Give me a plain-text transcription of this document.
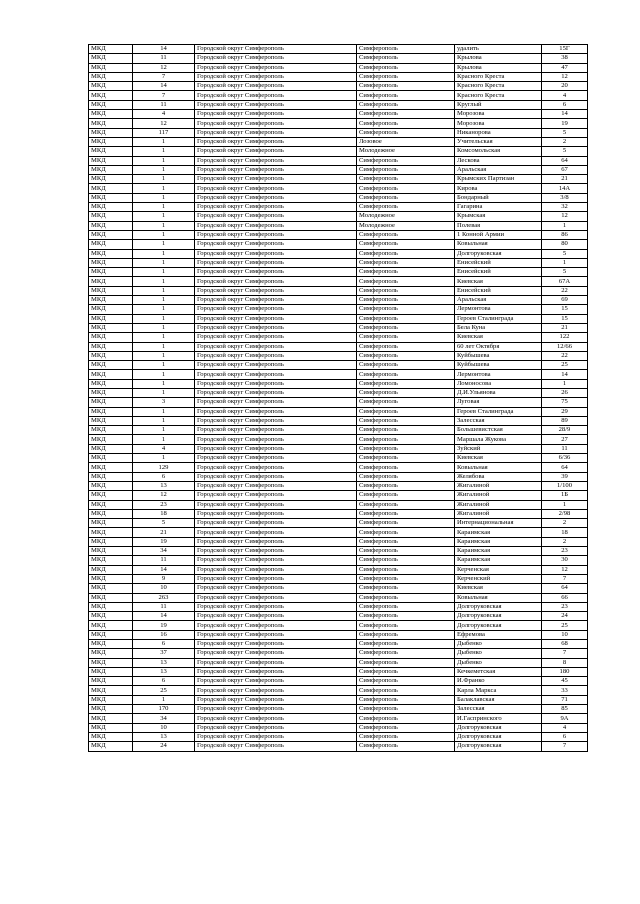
МКД	14	Городской округ Симферополь	Симферополь	удалить	15Г
МКД	11	Городской округ Симферополь	Симферополь	Крылова	38
МКД	12	Городской округ Симферополь	Симферополь	Крылова	47
МКД	7	Городской округ Симферополь	Симферополь	Красного Креста	12
МКД	14	Городской округ Симферополь	Симферополь	Красного Креста	20
МКД	7	Городской округ Симферополь	Симферополь	Красного Креста	4
МКД	11	Городской округ Симферополь	Симферополь	Круглый	6
МКД	4	Городской округ Симферополь	Симферополь	Морозова	14
МКД	12	Городской округ Симферополь	Симферополь	Морозова	19
МКД	117	Городской округ Симферополь	Симферополь	Никанорова	5
МКД	1	Городской округ Симферополь	Лозовое	Учительская	2
МКД	1	Городской округ Симферополь	Молодежное	Комсомольская	5
МКД	1	Городской округ Симферополь	Симферополь	Лескова	64
МКД	1	Городской округ Симферополь	Симферополь	Аральская	67
МКД	1	Городской округ Симферополь	Симферополь	Крымских Партизан	21
МКД	1	Городской округ Симферополь	Симферополь	Кирова	14А
МКД	1	Городской округ Симферополь	Симферополь	Бондарный	3/8
МКД	1	Городской округ Симферополь	Симферополь	Гагарина	32
МКД	1	Городской округ Симферополь	Молодежное	Крымская	12
МКД	1	Городской округ Симферополь	Молодежное	Полевая	1
МКД	1	Городской округ Симферополь	Симферополь	1 Конной Армии	86
МКД	1	Городской округ Симферополь	Симферополь	Ковыльная	80
МКД	1	Городской округ Симферополь	Симферополь	Долгоруковская	5
МКД	1	Городской округ Симферополь	Симферополь	Енисейский	1
МКД	1	Городской округ Симферополь	Симферополь	Енисейский	5
МКД	1	Городской округ Симферополь	Симферополь	Киевская	67А
МКД	1	Городской округ Симферополь	Симферополь	Енисейский	22
МКД	1	Городской округ Симферополь	Симферополь	Аральская	69
МКД	1	Городской округ Симферополь	Симферополь	Лермонтова	15
МКД	1	Городской округ Симферополь	Симферополь	Героев Сталинграда	15
МКД	1	Городской округ Симферополь	Симферополь	Бела Куна	21
МКД	1	Городской округ Симферополь	Симферополь	Киевская	122
МКД	1	Городской округ Симферополь	Симферополь	60 лет Октября	12/66
МКД	1	Городской округ Симферополь	Симферополь	Куйбышева	22
МКД	1	Городской округ Симферополь	Симферополь	Куйбышева	25
МКД	1	Городской округ Симферополь	Симферополь	Лермонтова	14
МКД	1	Городской округ Симферополь	Симферополь	Ломоносова	1
МКД	1	Городской округ Симферополь	Симферополь	Д.И.Ульянова	26
МКД	3	Городской округ Симферополь	Симферополь	Луговая	75
МКД	1	Городской округ Симферополь	Симферополь	Героев Сталинграда	29
МКД	1	Городской округ Симферополь	Симферополь	Залесская	89
МКД	1	Городской округ Симферополь	Симферополь	Большевистская	28/9
МКД	1	Городской округ Симферополь	Симферополь	Маршала Жукова	27
МКД	4	Городской округ Симферополь	Симферополь	Зуйский	11
МКД	1	Городской округ Симферополь	Симферополь	Киевская	6/36
МКД	129	Городской округ Симферополь	Симферополь	Ковыльная	64
МКД	6	Городской округ Симферополь	Симферополь	Желябова	39
МКД	13	Городской округ Симферополь	Симферополь	Жигалиной	1/100
МКД	12	Городской округ Симферополь	Симферополь	Жигалиной	1Б
МКД	23	Городской округ Симферополь	Симферополь	Жигалиной	1
МКД	18	Городской округ Симферополь	Симферополь	Жигалиной	2/98
МКД	5	Городской округ Симферополь	Симферополь	Интернациональная	2
МКД	21	Городской округ Симферополь	Симферополь	Караимская	18
МКД	19	Городской округ Симферополь	Симферополь	Караимская	2
МКД	34	Городской округ Симферополь	Симферополь	Караимская	23
МКД	11	Городской округ Симферополь	Симферополь	Караимская	30
МКД	14	Городской округ Симферополь	Симферополь	Керченская	12
МКД	9	Городской округ Симферополь	Симферополь	Керченский	7
МКД	10	Городской округ Симферополь	Симферополь	Киевская	64
МКД	263	Городской округ Симферополь	Симферополь	Ковыльная	66
МКД	11	Городской округ Симферополь	Симферополь	Долгоруковская	23
МКД	14	Городской округ Симферополь	Симферополь	Долгоруковская	24
МКД	19	Городской округ Симферополь	Симферополь	Долгоруковская	25
МКД	16	Городской округ Симферополь	Симферополь	Ефремова	10
МКД	6	Городской округ Симферополь	Симферополь	Дыбенко	68
МКД	37	Городской округ Симферополь	Симферополь	Дыбенко	7
МКД	13	Городской округ Симферополь	Симферополь	Дыбенко	8
МКД	13	Городской округ Симферополь	Симферополь	Кечкеметская	180
МКД	6	Городской округ Симферополь	Симферополь	И.Франко	45
МКД	25	Городской округ Симферополь	Симферополь	Карла Маркса	33
МКД	1	Городской округ Симферополь	Симферополь	Балаклавская	71
МКД	170	Городской округ Симферополь	Симферополь	Залесская	85
МКД	34	Городской округ Симферополь	Симферополь	И.Гаспринского	9А
МКД	10	Городской округ Симферополь	Симферополь	Долгоруковская	4
МКД	13	Городской округ Симферополь	Симферополь	Долгоруковская	6
МКД	24	Городской округ Симферополь	Симферополь	Долгоруковская	7
